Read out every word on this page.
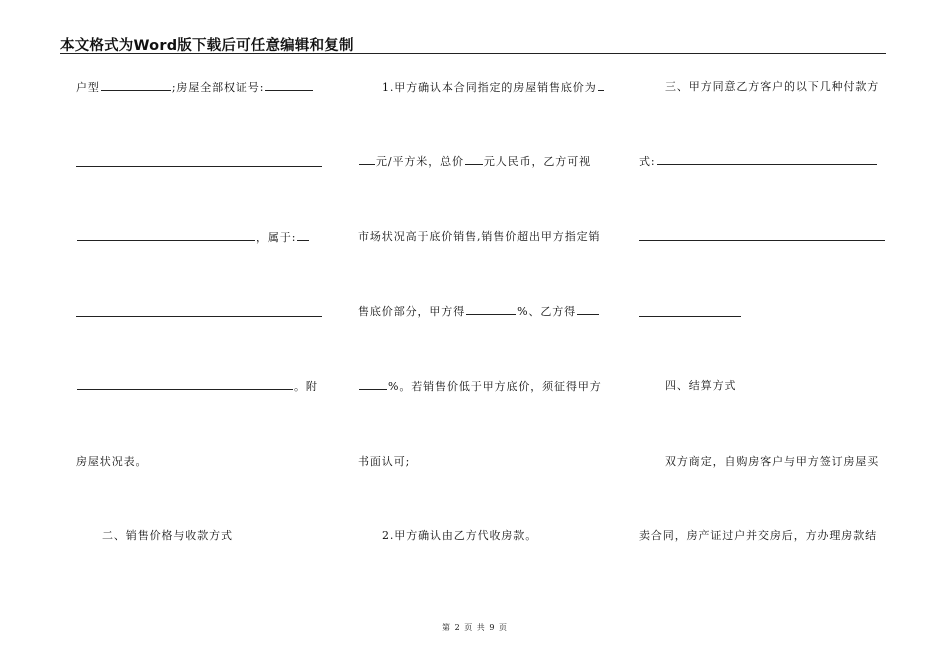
本文格式为Word版下载后可任意编辑和复制
户型	;房屋全部权证号:
，属于:
。附
房屋状况表。
二、销售价格与收款方式
1.甲方确认本合同指定的房屋销售底价为
元/平方米，总价 元人民币，乙方可视
市场状况高于底价销售,销售价超出甲方指定销
售底价部分，甲方得	%、乙方得
%。若销售价低于甲方底价，须征得甲方
书面认可;
2.甲方确认由乙方代收房款。
三、甲方同意乙方客户的以下几种付款方
式:
四、结算方式
双方商定，自购房客户与甲方签订房屋买
卖合同，房产证过户并交房后，方办理房款结
第 2 页 共 9 页
